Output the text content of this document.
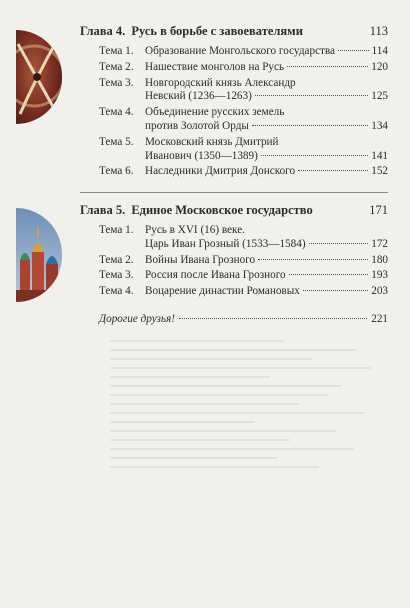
Глава 4. Русь в борьбе с завоевателями	113
Тема 1. Образование Монгольского государства	114
Тема 2. Нашествие монголов на Русь	120
Тема 3. Новгородский князь Александр
Невский (1236—1263)	125
Тема 4. Объединение русских земель
против Золотой Орды	134
Тема 5. Московский князь Дмитрий
Иванович (1350—1389)	141
Тема 6. Наследники Дмитрия Донского	152
Глава 5. Единое Московское государство	171
Тема 1. Русь в XVI (16) веке.
Царь Иван Грозный (1533—1584)	172
Тема 2. Войны Ивана Грозного	180
Тема 3. Россия после Ивана Грозного	193
Тема 4. Воцарение династии Романовых	203
Дорогие друзья!	221
